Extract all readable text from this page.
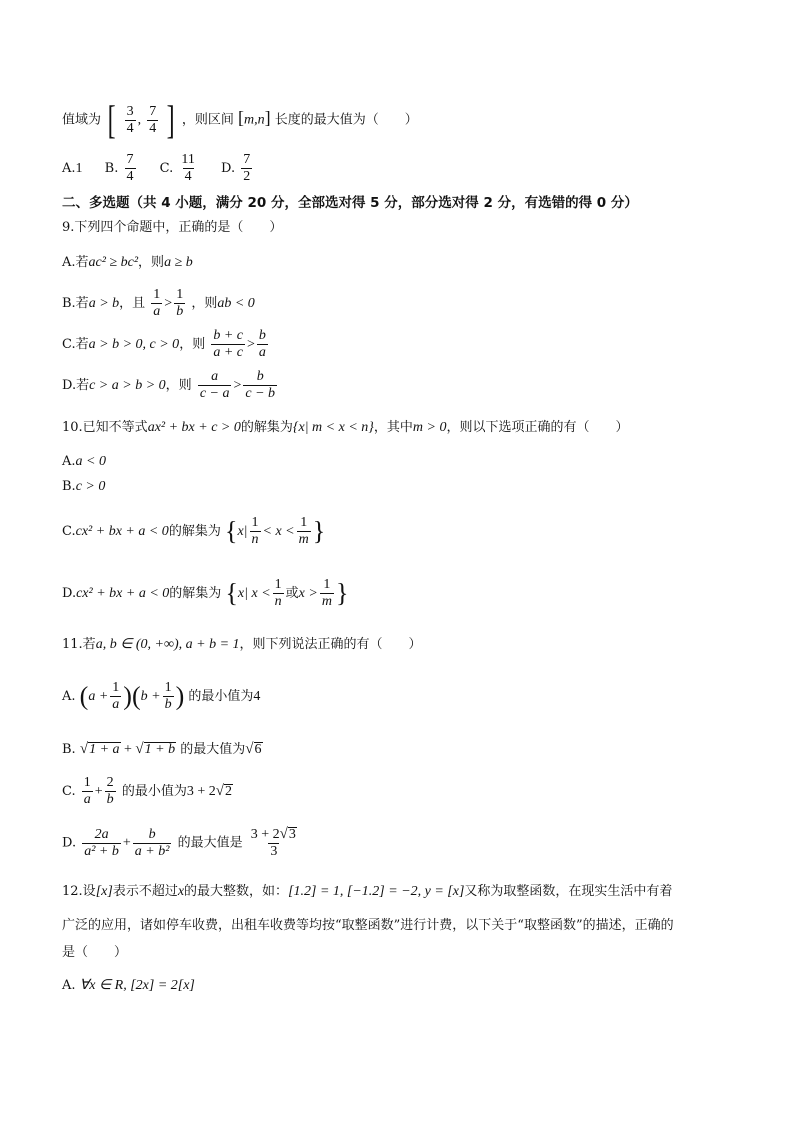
值域为 [ $\frac{3}{4}$ , $\frac{7}{4}$ ] ，则区间 [m,n] 长度的最大值为（　　）
A.1 B. $\frac{7}{4} C$. $\frac{11}{4} D$. $\frac{7}{2}$
二、多选题（共 4 小题，满分 20 分，全部选对得 5 分，部分选对得 2 分，有选错的得 0 分）
9.下列四个命题中，正确的是（　　）
A.若ac² ≥ bc²，则a ≥ b
B.若a > b，且 $\frac{1}{a} > \frac{1}{b}$ ，则ab < 0
C.若a > b > 0, c > 0，则 $\frac{b + c}{a + c} > \frac{b}{a}$
D.若c > a > b > 0，则 $\frac{a}{c - a} > \frac{b}{c - b}$
10.已知不等式ax² + bx + c > 0的解集为{x| m < x < n}，其中m > 0，则以下选项正确的有（　　）
A.a < 0
B.c > 0
C.cx² + bx + a < 0的解集为 {$x| \frac{1}{n} < x < \frac{1}{m}$ }
D.cx² + bx + a < 0的解集为 {x| $x < \frac{1}{n}$ 或$x > \frac{1}{m}$ }
11.若a, b ∈ (0, +∞), a + b = 1，则下列说法正确的有（　　）
A. $(a + \frac{1}{a} )(b + \frac{1}{b}$ ) 的最小值为4
B. √1 + a + √1 + b 的最大值为√6
C. $\frac{1}{a} + \frac{2}{b}$ 的最小值为3 + 2√2
D. $\frac{2a}{\text{a² + b}} + \frac{b}{\text{a + b²}}$ 的最大值是 $\frac{3 + 2√3}{3}$
12.设[x]表示不超过x的最大整数，如：[1.2] = 1, [−1.2] = −2, y = [x]又称为取整函数，在现实生活中有着
广泛的应用，诸如停车收费，出租车收费等均按“取整函数”进行计费，以下关于“取整函数”的描述，正确的
是（　　）
A. ∀x ∈ R, [2x] = 2[x]
